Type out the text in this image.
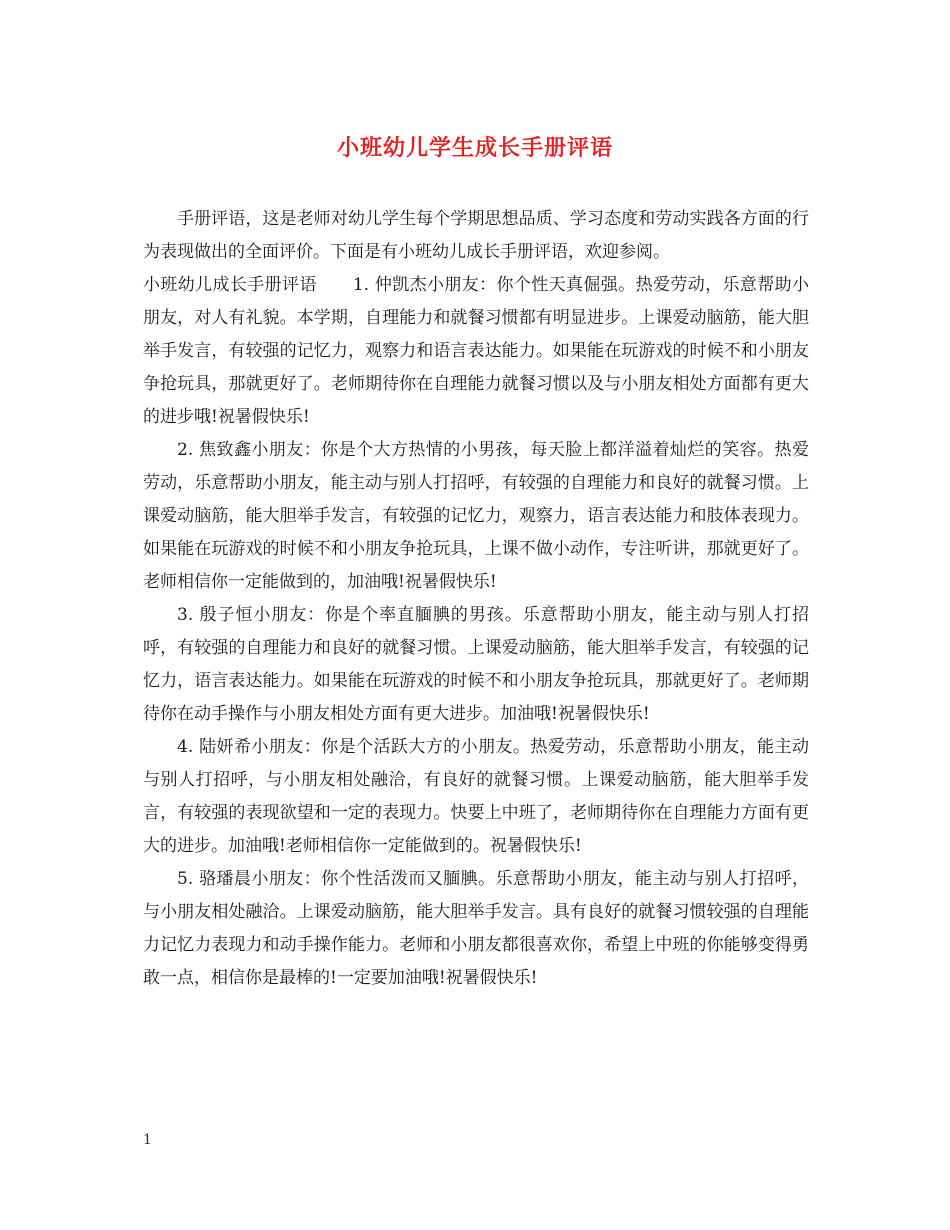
小班幼儿学生成长手册评语

手册评语，这是老师对幼儿学生每个学期思想品质、学习态度和劳动实践各方面的行为表现做出的全面评价。下面是有小班幼儿成长手册评语，欢迎参阅。

小班幼儿成长手册评语 1. 仲凯杰小朋友：你个性天真倔强。热爱劳动，乐意帮助小朋友，对人有礼貌。本学期，自理能力和就餐习惯都有明显进步。上课爱动脑筋，能大胆举手发言，有较强的记忆力，观察力和语言表达能力。如果能在玩游戏的时候不和小朋友争抢玩具，那就更好了。老师期待你在自理能力就餐习惯以及与小朋友相处方面都有更大的进步哦!祝暑假快乐!

2. 焦致鑫小朋友：你是个大方热情的小男孩，每天脸上都洋溢着灿烂的笑容。热爱劳动，乐意帮助小朋友，能主动与别人打招呼，有较强的自理能力和良好的就餐习惯。上课爱动脑筋，能大胆举手发言，有较强的记忆力，观察力，语言表达能力和肢体表现力。如果能在玩游戏的时候不和小朋友争抢玩具，上课不做小动作，专注听讲，那就更好了。老师相信你一定能做到的，加油哦!祝暑假快乐!

3. 殷子恒小朋友：你是个率直腼腆的男孩。乐意帮助小朋友，能主动与别人打招呼，有较强的自理能力和良好的就餐习惯。上课爱动脑筋，能大胆举手发言，有较强的记忆力，语言表达能力。如果能在玩游戏的时候不和小朋友争抢玩具，那就更好了。老师期待你在动手操作与小朋友相处方面有更大进步。加油哦!祝暑假快乐!

4. 陆妍希小朋友：你是个活跃大方的小朋友。热爱劳动，乐意帮助小朋友，能主动与别人打招呼，与小朋友相处融洽，有良好的就餐习惯。上课爱动脑筋，能大胆举手发言，有较强的表现欲望和一定的表现力。快要上中班了，老师期待你在自理能力方面有更大的进步。加油哦!老师相信你一定能做到的。祝暑假快乐!

5. 骆璠晨小朋友：你个性活泼而又腼腆。乐意帮助小朋友，能主动与别人打招呼，与小朋友相处融洽。上课爱动脑筋，能大胆举手发言。具有良好的就餐习惯较强的自理能力记忆力表现力和动手操作能力。老师和小朋友都很喜欢你，希望上中班的你能够变得勇敢一点，相信你是最棒的!一定要加油哦!祝暑假快乐!

1
